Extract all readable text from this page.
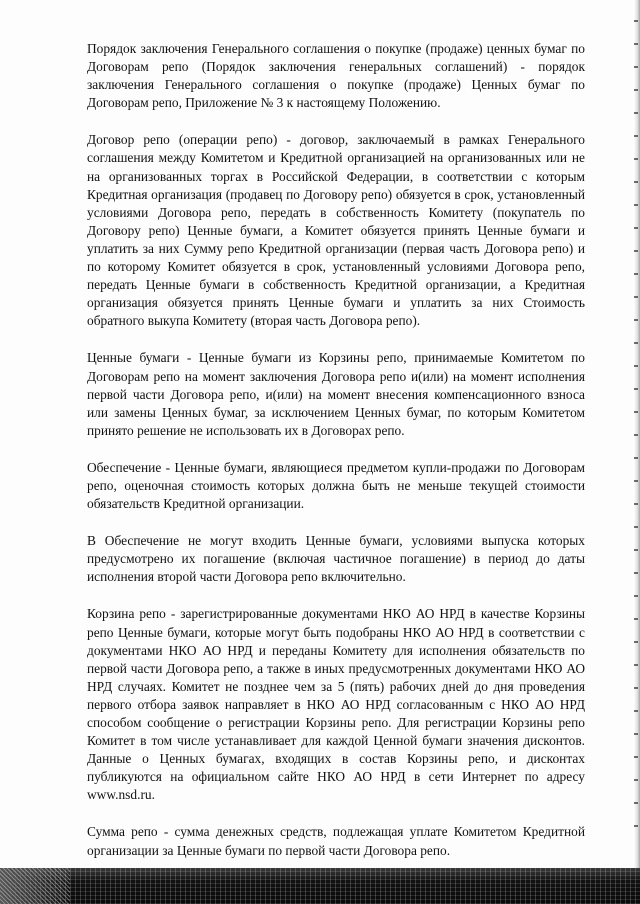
Порядок заключения Генерального соглашения о покупке (продаже) ценных бумаг по Договорам репо (Порядок заключения генеральных соглашений) - порядок заключения Генерального соглашения о покупке (продаже) Ценных бумаг по Договорам репо, Приложение № 3 к настоящему Положению.

Договор репо (операции репо) - договор, заключаемый в рамках Генерального соглашения между Комитетом и Кредитной организацией на организованных или не на организованных торгах в Российской Федерации, в соответствии с которым Кредитная организация (продавец по Договору репо) обязуется в срок, установленный условиями Договора репо, передать в собственность Комитету (покупатель по Договору репо) Ценные бумаги, а Комитет обязуется принять Ценные бумаги и уплатить за них Сумму репо Кредитной организации (первая часть Договора репо) и по которому Комитет обязуется в срок, установленный условиями Договора репо, передать Ценные бумаги в собственность Кредитной организации, а Кредитная организация обязуется принять Ценные бумаги и уплатить за них Стоимость обратного выкупа Комитету (вторая часть Договора репо).

Ценные бумаги - Ценные бумаги из Корзины репо, принимаемые Комитетом по Договорам репо на момент заключения Договора репо и(или) на момент исполнения первой части Договора репо, и(или) на момент внесения компенсационного взноса или замены Ценных бумаг, за исключением Ценных бумаг, по которым Комитетом принято решение не использовать их в Договорах репо.

Обеспечение - Ценные бумаги, являющиеся предметом купли-продажи по Договорам репо, оценочная стоимость которых должна быть не меньше текущей стоимости обязательств Кредитной организации.

В Обеспечение не могут входить Ценные бумаги, условиями выпуска которых предусмотрено их погашение (включая частичное погашение) в период до даты исполнения второй части Договора репо включительно.

Корзина репо - зарегистрированные документами НКО АО НРД в качестве Корзины репо Ценные бумаги, которые могут быть подобраны НКО АО НРД в соответствии с документами НКО АО НРД и переданы Комитету для исполнения обязательств по первой части Договора репо, а также в иных предусмотренных документами НКО АО НРД случаях. Комитет не позднее чем за 5 (пять) рабочих дней до дня проведения первого отбора заявок направляет в НКО АО НРД согласованным с НКО АО НРД способом сообщение о регистрации Корзины репо. Для регистрации Корзины репо Комитет в том числе устанавливает для каждой Ценной бумаги значения дисконтов. Данные о Ценных бумагах, входящих в состав Корзины репо, и дисконтах публикуются на официальном сайте НКО АО НРД в сети Интернет по адресу www.nsd.ru.

Сумма репо - сумма денежных средств, подлежащая уплате Комитетом Кредитной организации за Ценные бумаги по первой части Договора репо.
